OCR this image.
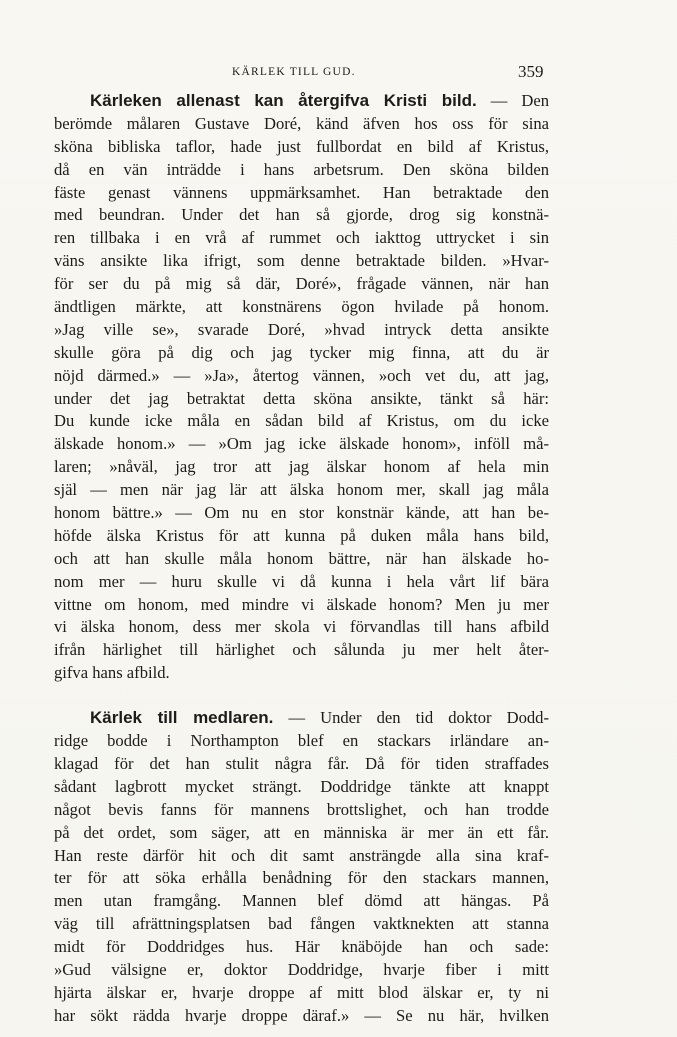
KÄRLEK TILL GUD.	359
Kärleken allenast kan återgifva Kristi bild. — Den
berömde målaren Gustave Doré, känd äfven hos oss för sina
sköna bibliska taflor, hade just fullbordat en bild af Kristus,
då en vän inträdde i hans arbetsrum. Den sköna bilden
fäste genast vännens uppmärksamhet. Han betraktade den
med beundran. Under det han så gjorde, drog sig konstnä-
ren tillbaka i en vrå af rummet och iakttog uttrycket i sin
väns ansikte lika ifrigt, som denne betraktade bilden. »Hvar-
för ser du på mig så där, Doré», frågade vännen, när han
ändtligen märkte, att konstnärens ögon hvilade på honom.
»Jag ville se», svarade Doré, »hvad intryck detta ansikte
skulle göra på dig och jag tycker mig finna, att du är
nöjd därmed.» — »Ja», återtog vännen, »och vet du, att jag,
under det jag betraktat detta sköna ansikte, tänkt så här:
Du kunde icke måla en sådan bild af Kristus, om du icke
älskade honom.» — »Om jag icke älskade honom», inföll må-
laren; »nåväl, jag tror att jag älskar honom af hela min
själ — men när jag lär att älska honom mer, skall jag måla
honom bättre.» — Om nu en stor konstnär kände, att han be-
höfde älska Kristus för att kunna på duken måla hans bild,
och att han skulle måla honom bättre, när han älskade ho-
nom mer — huru skulle vi då kunna i hela vårt lif bära
vittne om honom, med mindre vi älskade honom? Men ju mer
vi älska honom, dess mer skola vi förvandlas till hans afbild
ifrån härlighet till härlighet och sålunda ju mer helt åter-
gifva hans afbild.
Kärlek till medlaren. — Under den tid doktor Dodd-
ridge bodde i Northampton blef en stackars irländare an-
klagad för det han stulit några får. Då för tiden straffades
sådant lagbrott mycket strängt. Doddridge tänkte att knappt
något bevis fanns för mannens brottslighet, och han trodde
på det ordet, som säger, att en människa är mer än ett får.
Han reste därför hit och dit samt ansträngde alla sina kraf-
ter för att söka erhålla benådning för den stackars mannen,
men utan framgång. Mannen blef dömd att hängas. På
väg till afrättningsplatsen bad fången vaktknekten att stanna
midt för Doddridges hus. Här knäböjde han och sade:
»Gud välsigne er, doktor Doddridge, hvarje fiber i mitt
hjärta älskar er, hvarje droppe af mitt blod älskar er, ty ni
har sökt rädda hvarje droppe däraf.» — Se nu här, hvilken
